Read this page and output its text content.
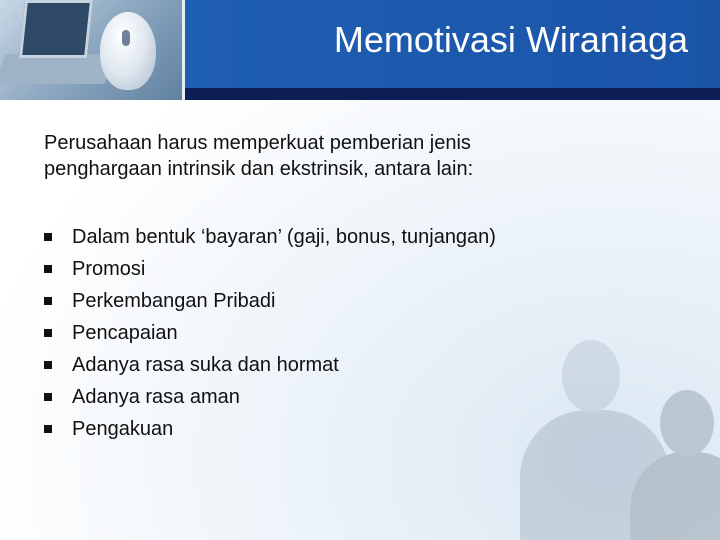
Memotivasi Wiraniaga
Perusahaan harus memperkuat pemberian jenis
penghargaan intrinsik dan ekstrinsik, antara lain:
Dalam bentuk ‘bayaran’ (gaji, bonus, tunjangan)
Promosi
Perkembangan Pribadi
Pencapaian
Adanya rasa suka dan hormat
Adanya rasa aman
Pengakuan
